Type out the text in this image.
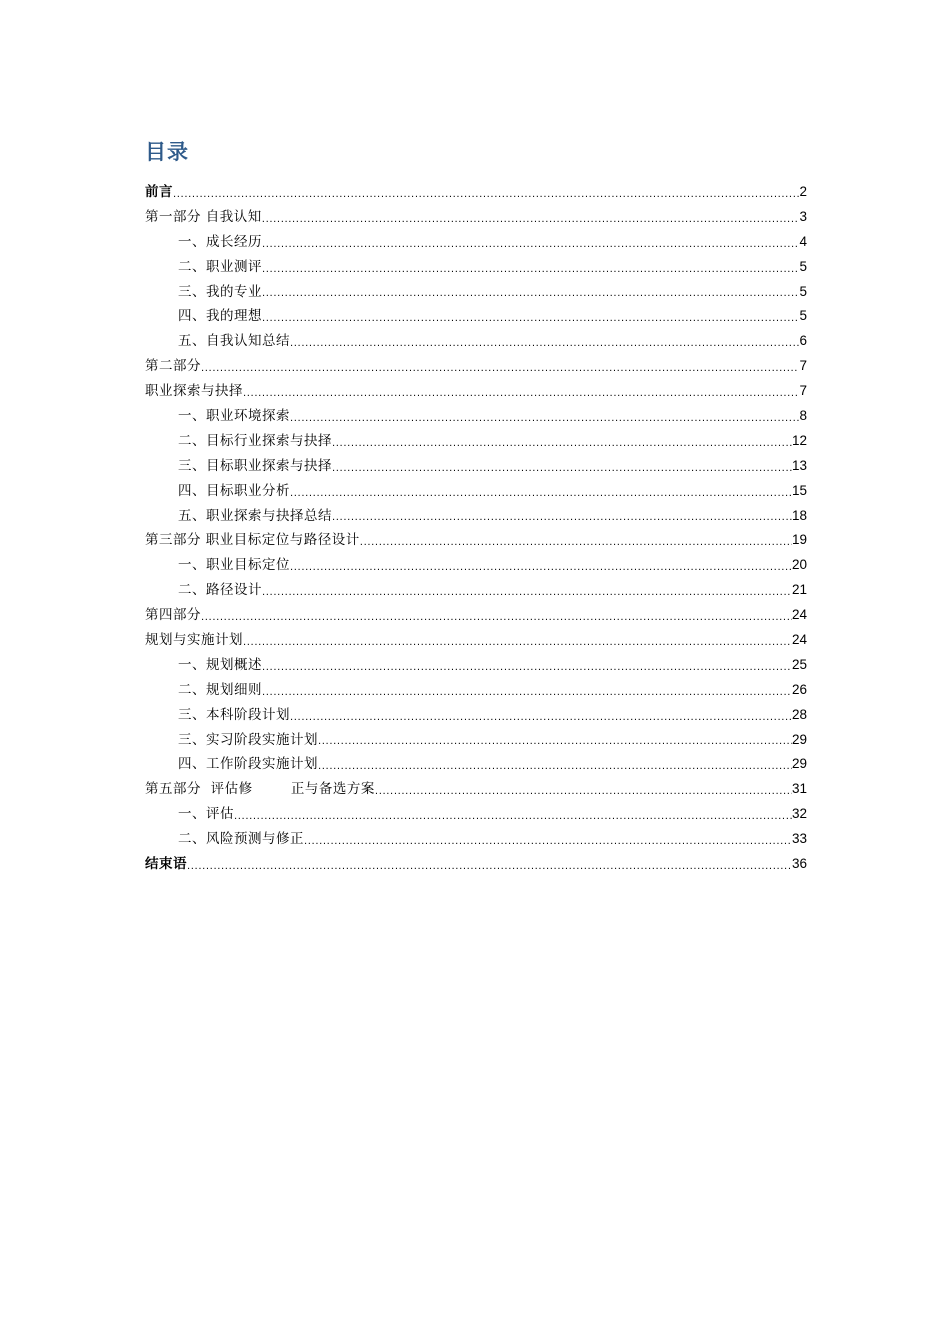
目录
前言 .....	2
第一部分 自我认知 .....	3
一、成长经历 .....	4
二、职业测评 .....	5
三、我的专业 .....	5
四、我的理想 .....	5
五、自我认知总结 .....	6
第二部分 .....	7
职业探索与抉择 .....	7
一、职业环境探索 .....	8
二、目标行业探索与抉择 .....	12
三、目标职业探索与抉择 .....	13
四、目标职业分析 .....	15
五、职业探索与抉择总结 .....	18
第三部分 职业目标定位与路径设计 .....	19
一、职业目标定位 .....	20
二、路径设计 .....	21
第四部分 .....	24
规划与实施计划 .....	24
一、规划概述 .....	25
二、规划细则 .....	26
三、本科阶段计划 .....	28
三、实习阶段实施计划 .....	29
四、工作阶段实施计划 .....	29
第五部分  评估修        正与备选方案 .....	31
一、评估 .....	32
二、风险预测与修正 .....	33
结束语 .....	36
